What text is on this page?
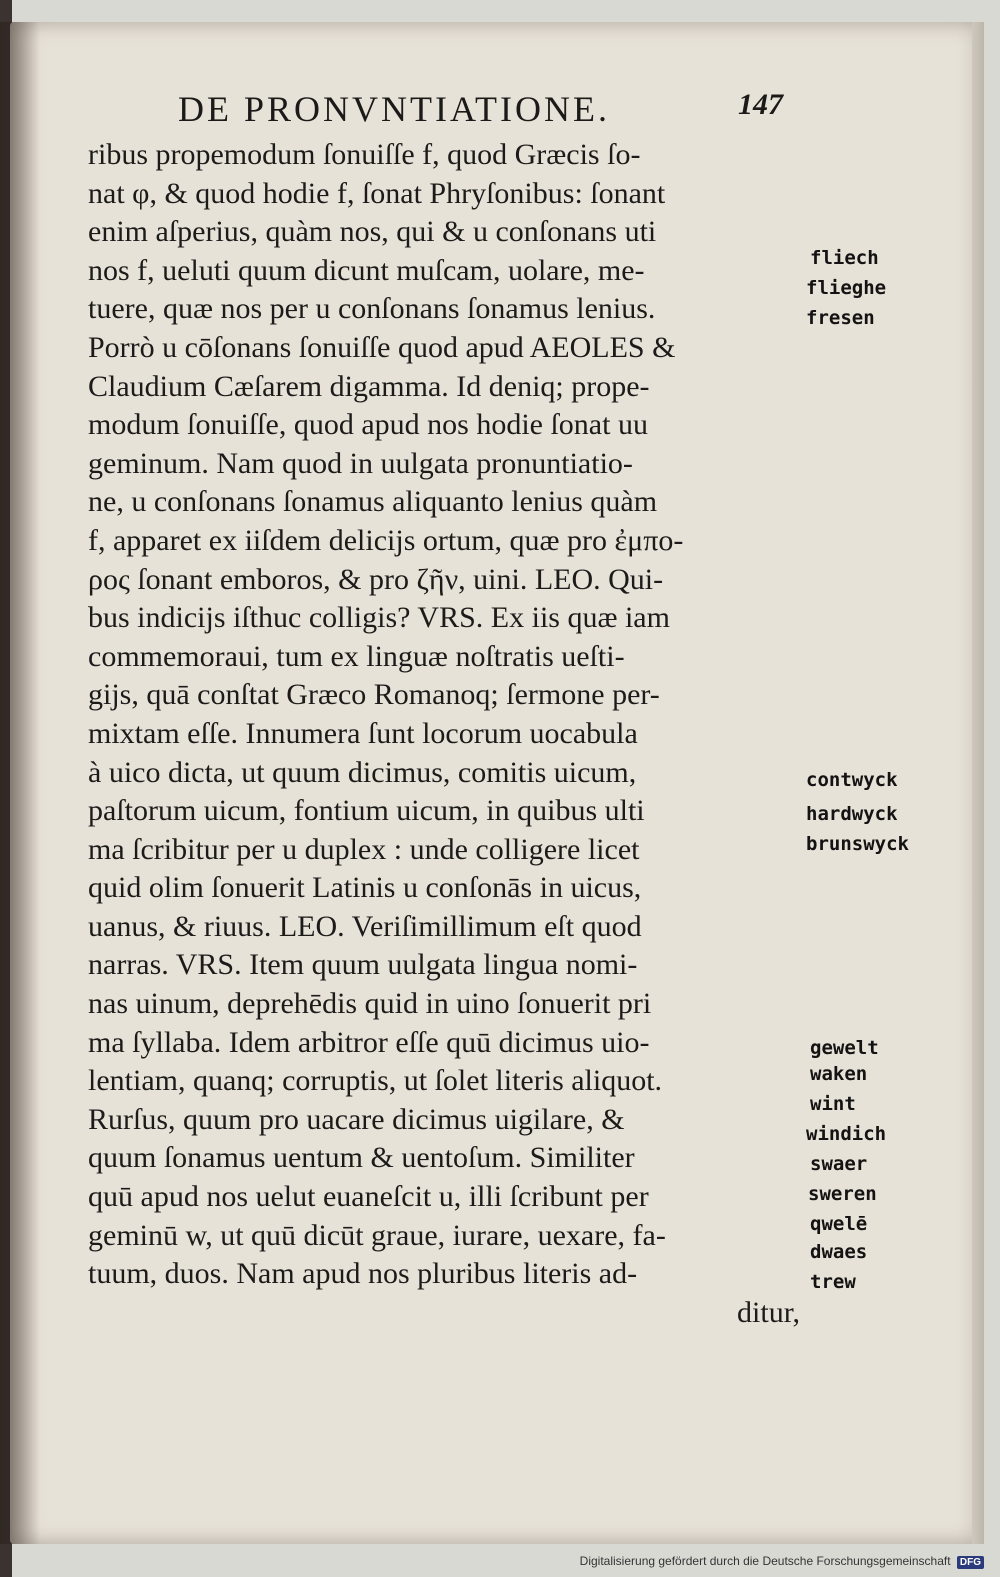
DE PRONVNTIATIONE.	147
ribus propemodum ſonuiſſe f, quod Græcis ſo-
nat φ, & quod hodie f, ſonat Phryſonibus: ſonant
enim aſperius, quàm nos, qui & u conſonans uti
nos f, ueluti quum dicunt muſcam, uolare, me-
tuere, quæ nos per u conſonans ſonamus lenius.
Porrò u cōſonans ſonuiſſe quod apud AEOLES &
Claudium Cæſarem digamma. Id deniq; prope-
modum ſonuiſſe, quod apud nos hodie ſonat uu
geminum. Nam quod in uulgata pronuntiatio-
ne, u conſonans ſonamus aliquanto lenius quàm
f, apparet ex iiſdem delicijs ortum, quæ pro ἐμπο-
ρος ſonant emboros, & pro ζῆν, uini. LEO. Qui-
bus indicijs iſthuc colligis? VRS. Ex iis quæ iam
commemoraui, tum ex linguæ noſtratis ueſti-
gijs, quā conſtat Græco Romanoq; ſermone per-
mixtam eſſe. Innumera ſunt locorum uocabula
à uico dicta, ut quum dicimus, comitis uicum,
paſtorum uicum, fontium uicum, in quibus ulti
ma ſcribitur per u duplex : unde colligere licet
quid olim ſonuerit Latinis u conſonās in uicus,
uanus, & riuus. LEO. Veriſimillimum eſt quod
narras. VRS. Item quum uulgata lingua nomi-
nas uinum, deprehēdis quid in uino ſonuerit pri
ma ſyllaba. Idem arbitror eſſe quū dicimus uio-
lentiam, quanq; corruptis, ut ſolet literis aliquot.
Rurſus, quum pro uacare dicimus uigilare, &
quum ſonamus uentum & uentoſum. Similiter
quū apud nos uelut euaneſcit u, illi ſcribunt per
geminū w, ut quū dicūt graue, iurare, uexare, fa-
tuum, duos. Nam apud nos pluribus literis ad-
ditur,
fliech
flieghe
fresen
contwyck
hardwyck
brunswyck
gewelt
waken
wint
windich
swaer
sweren
qwelē
dwaes
trew
Digitalisierung gefördert durch die Deutsche Forschungsgemeinschaft DFG
